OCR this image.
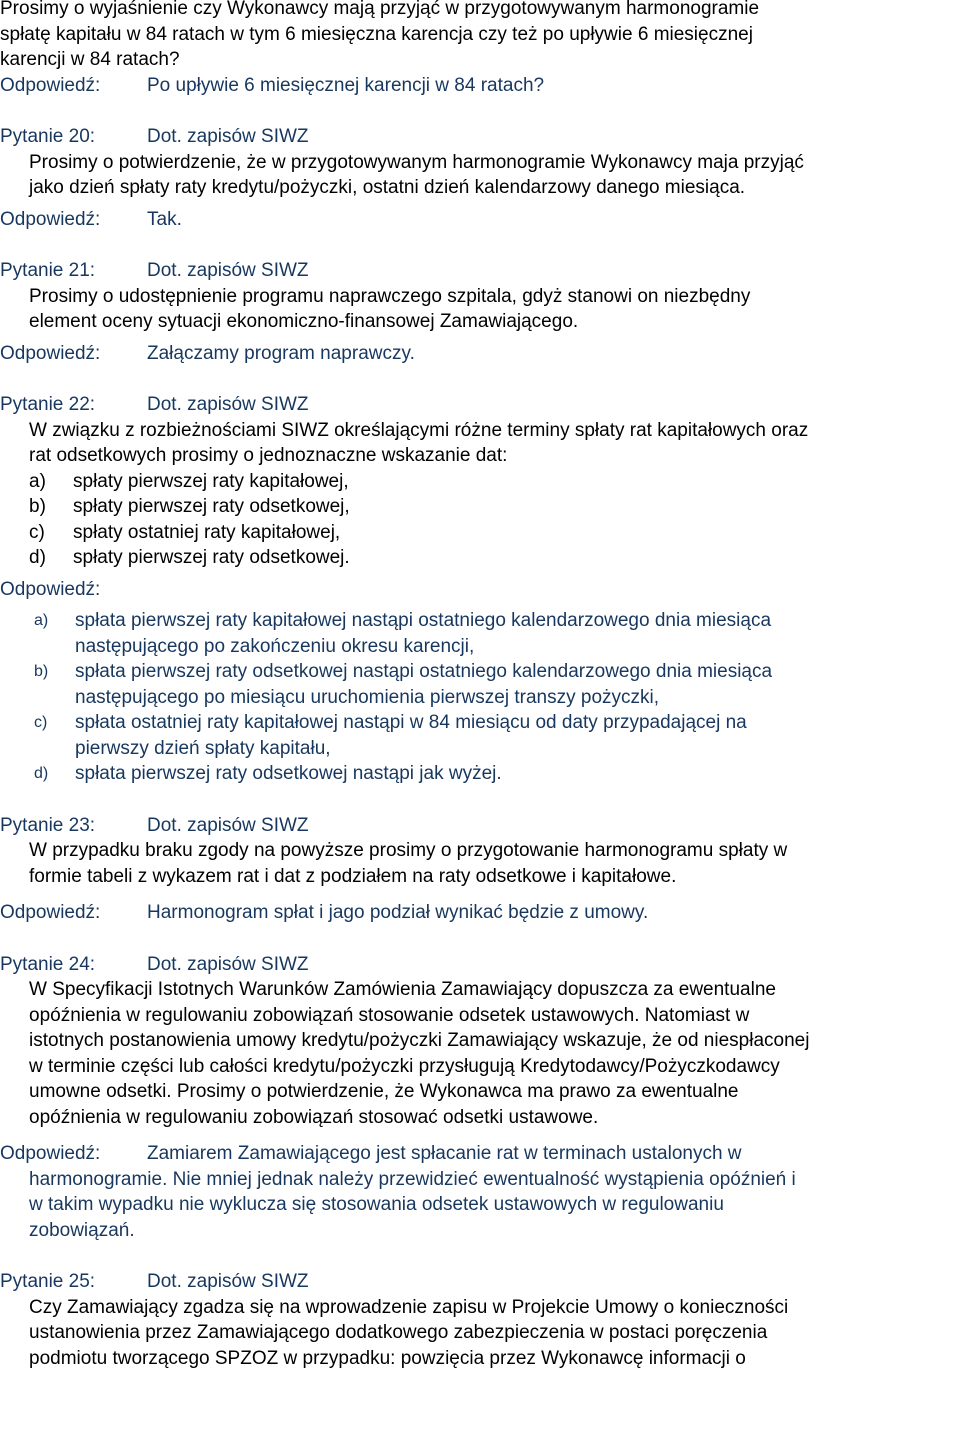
Prosimy o wyjaśnienie czy Wykonawcy mają przyjąć w przygotowywanym harmonogramie

spłatę kapitału w 84 ratach w tym 6 miesięczna karencja czy też po upływie 6 miesięcznej

karencji w 84 ratach?

Odpowiedź:	Po upływie 6 miesięcznej karencji w 84 ratach?
Pytanie 20:	Dot. zapisów SIWZ

Prosimy o potwierdzenie, że w przygotowywanym harmonogramie Wykonawcy maja przyjąć

jako dzień spłaty raty kredytu/pożyczki, ostatni dzień kalendarzowy danego miesiąca.

Odpowiedź:	Tak.
Pytanie 21:	Dot. zapisów SIWZ

Prosimy o udostępnienie programu naprawczego szpitala, gdyż stanowi on niezbędny

element oceny sytuacji ekonomiczno-finansowej Zamawiającego.

Odpowiedź:	Załączamy program naprawczy.
Pytanie 22:	Dot. zapisów SIWZ

W związku z rozbieżnościami SIWZ określającymi różne terminy spłaty rat kapitałowych oraz

rat odsetkowych prosimy o jednoznaczne wskazanie dat:

a)	spłaty pierwszej raty kapitałowej,
b)	spłaty pierwszej raty odsetkowej,
c)	spłaty ostatniej raty kapitałowej,
d)	spłaty pierwszej raty odsetkowej.

Odpowiedź:

a)	spłata pierwszej raty kapitałowej nastąpi ostatniego kalendarzowego dnia miesiąca
następującego po zakończeniu okresu karencji,
b)	spłata pierwszej raty odsetkowej nastąpi ostatniego kalendarzowego dnia miesiąca
następującego po miesiącu uruchomienia pierwszej transzy pożyczki,
c)	spłata ostatniej raty kapitałowej nastąpi w 84 miesiącu od daty przypadającej na
pierwszy dzień spłaty kapitału,
d)	spłata pierwszej raty odsetkowej nastąpi jak wyżej.
Pytanie 23:	Dot. zapisów SIWZ

W przypadku braku zgody na powyższe prosimy o przygotowanie harmonogramu spłaty w

formie tabeli z wykazem rat i dat z podziałem na raty odsetkowe i kapitałowe.

Odpowiedź:	Harmonogram spłat i jago podział wynikać będzie z umowy.
Pytanie 24:	Dot. zapisów SIWZ

W Specyfikacji Istotnych Warunków Zamówienia Zamawiający dopuszcza za ewentualne

opóźnienia w regulowaniu zobowiązań stosowanie odsetek ustawowych. Natomiast w

istotnych postanowienia umowy kredytu/pożyczki Zamawiający wskazuje, że od niespłaconej

w terminie części lub całości kredytu/pożyczki przysługują Kredytodawcy/Pożyczkodawcy

umowne odsetki. Prosimy o potwierdzenie, że Wykonawca ma prawo za ewentualne

opóźnienia w regulowaniu zobowiązań stosować odsetki ustawowe.

Odpowiedź:	Zamiarem Zamawiającego jest spłacanie rat w terminach ustalonych w

harmonogramie. Nie mniej jednak należy przewidzieć ewentualność wystąpienia opóźnień i

w takim wypadku nie wyklucza się stosowania odsetek ustawowych w regulowaniu

zobowiązań.

Pytanie 25:	Dot. zapisów SIWZ

Czy Zamawiający zgadza się na wprowadzenie zapisu w Projekcie Umowy o konieczności

ustanowienia przez Zamawiającego dodatkowego zabezpieczenia w postaci poręczenia

podmiotu tworzącego SPZOZ w przypadku: powzięcia przez Wykonawcę informacji o
